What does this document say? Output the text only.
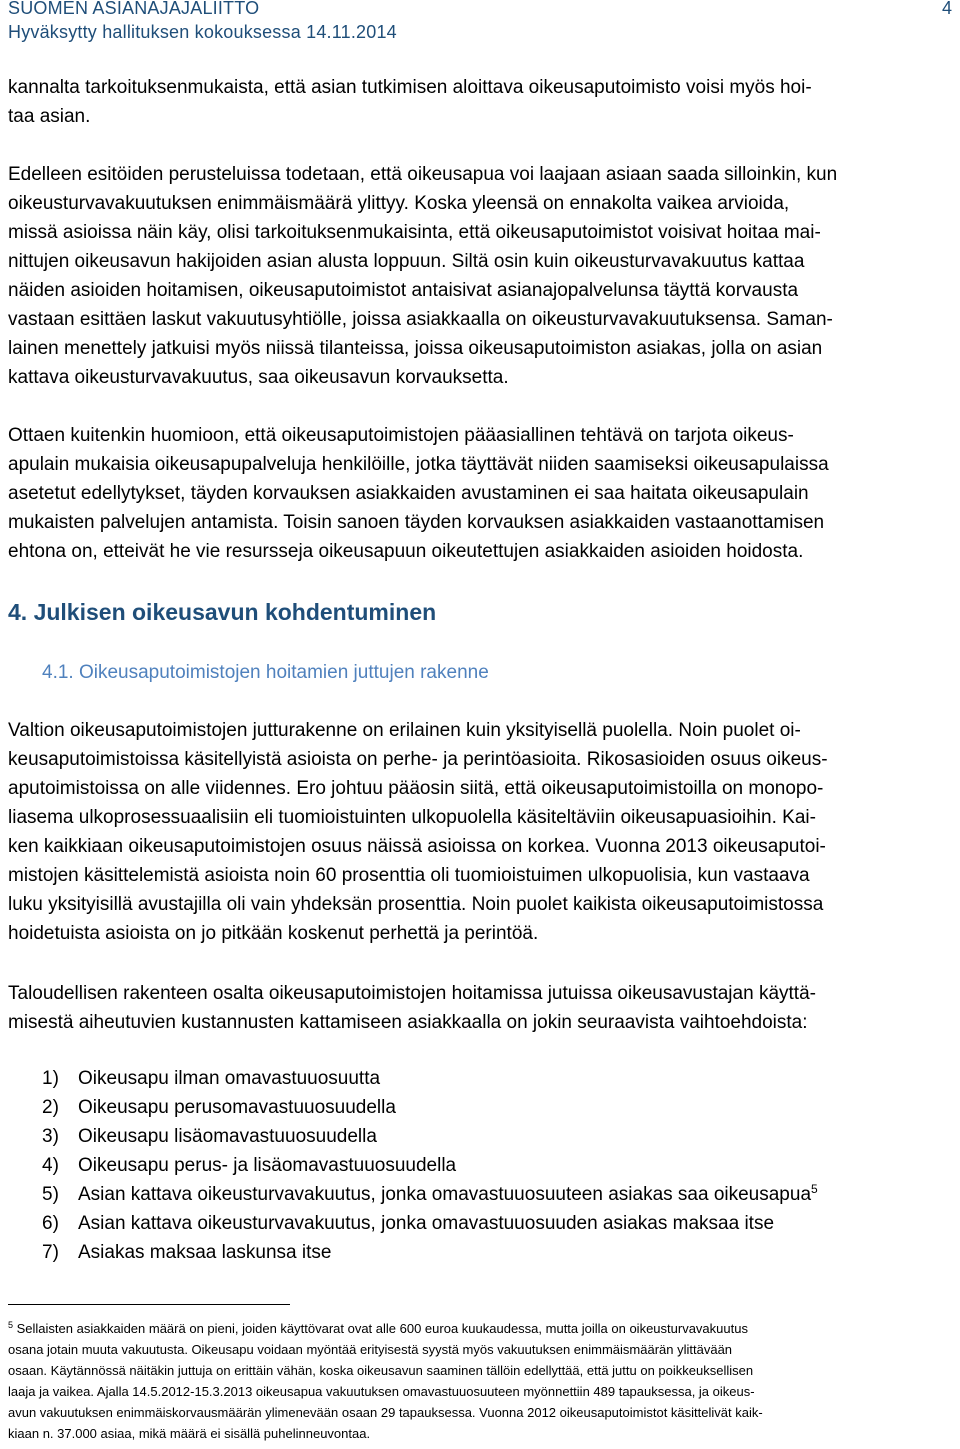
SUOMEN ASIANAJAJALIITTO
Hyväksytty hallituksen kokouksessa 14.11.2014
4
kannalta tarkoituksenmukaista, että asian tutkimisen aloittava oikeusaputoimisto voisi myös hoi-
taa asian.
Edelleen esitöiden perusteluissa todetaan, että oikeusapua voi laajaan asiaan saada silloinkin, kun
oikeusturvavakuutuksen enimmäismäärä ylittyy. Koska yleensä on ennakolta vaikea arvioida,
missä asioissa näin käy, olisi tarkoituksenmukaisinta, että oikeusaputoimistot voisivat hoitaa mai-
nittujen oikeusavun hakijoiden asian alusta loppuun. Siltä osin kuin oikeusturvavakuutus kattaa
näiden asioiden hoitamisen, oikeusaputoimistot antaisivat asianajopalvelunsa täyttä korvausta
vastaan esittäen laskut vakuutusyhtiölle, joissa asiakkaalla on oikeusturvavakuutuksensa. Saman-
lainen menettely jatkuisi myös niissä tilanteissa, joissa oikeusaputoimiston asiakas, jolla on asian
kattava oikeusturvavakuutus, saa oikeusavun korvauksetta.
Ottaen kuitenkin huomioon, että oikeusaputoimistojen pääasiallinen tehtävä on tarjota oikeus-
apulain mukaisia oikeusapupalveluja henkilöille, jotka täyttävät niiden saamiseksi oikeusapulaissa
asetetut edellytykset, täyden korvauksen asiakkaiden avustaminen ei saa haitata oikeusapulain
mukaisten palvelujen antamista. Toisin sanoen täyden korvauksen asiakkaiden vastaanottamisen
ehtona on, etteivät he vie resursseja oikeusapuun oikeutettujen asiakkaiden asioiden hoidosta.
4. Julkisen oikeusavun kohdentuminen
4.1. Oikeusaputoimistojen hoitamien juttujen rakenne
Valtion oikeusaputoimistojen jutturakenne on erilainen kuin yksityisellä puolella. Noin puolet oi-
keusaputoimistoissa käsitellyistä asioista on perhe- ja perintöasioita. Rikosasioiden osuus oikeus-
aputoimistoissa on alle viidennes. Ero johtuu pääosin siitä, että oikeusaputoimistoilla on monopo-
liasema ulkoprosessuaalisiin eli tuomioistuinten ulkopuolella käsiteltäviin oikeusapuasioihin. Kai-
ken kaikkiaan oikeusaputoimistojen osuus näissä asioissa on korkea. Vuonna 2013 oikeusaputoi-
mistojen käsittelemistä asioista noin 60 prosenttia oli tuomioistuimen ulkopuolisia, kun vastaava
luku yksityisillä avustajilla oli vain yhdeksän prosenttia. Noin puolet kaikista oikeusaputoimistossa
hoidetuista asioista on jo pitkään koskenut perhettä ja perintöä.
Taloudellisen rakenteen osalta oikeusaputoimistojen hoitamissa jutuissa oikeusavustajan käyttä-
misestä aiheutuvien kustannusten kattamiseen asiakkaalla on jokin seuraavista vaihtoehdoista:
1) Oikeusapu ilman omavastuuosuutta
2) Oikeusapu perusomavastuuosuudella
3) Oikeusapu lisäomavastuuosuudella
4) Oikeusapu perus- ja lisäomavastuuosuudella
5) Asian kattava oikeusturvavakuutus, jonka omavastuuosuuteen asiakas saa oikeusapua$^5$
6) Asian kattava oikeusturvavakuutus, jonka omavastuuosuuden asiakas maksaa itse
7) Asiakas maksaa laskunsa itse
$^5$ Sellaisten asiakkaiden määrä on pieni, joiden käyttövarat ovat alle 600 euroa kuukaudessa, mutta joilla on oikeusturvavakuutus
osana jotain muuta vakuutusta. Oikeusapu voidaan myöntää erityisestä syystä myös vakuutuksen enimmäismäärän ylittävään
osaan. Käytännössä näitäkin juttuja on erittäin vähän, koska oikeusavun saaminen tällöin edellyttää, että juttu on poikkeuksellisen
laaja ja vaikea. Ajalla 14.5.2012-15.3.2013 oikeusapua vakuutuksen omavastuuosuuteen myönnettiin 489 tapauksessa, ja oikeus-
avun vakuutuksen enimmäiskorvausmäärän ylimenevään osaan 29 tapauksessa. Vuonna 2012 oikeusaputoimistot käsittelivät kaik-
kiaan n. 37.000 asiaa, mikä määrä ei sisällä puhelinneuvontaa.
